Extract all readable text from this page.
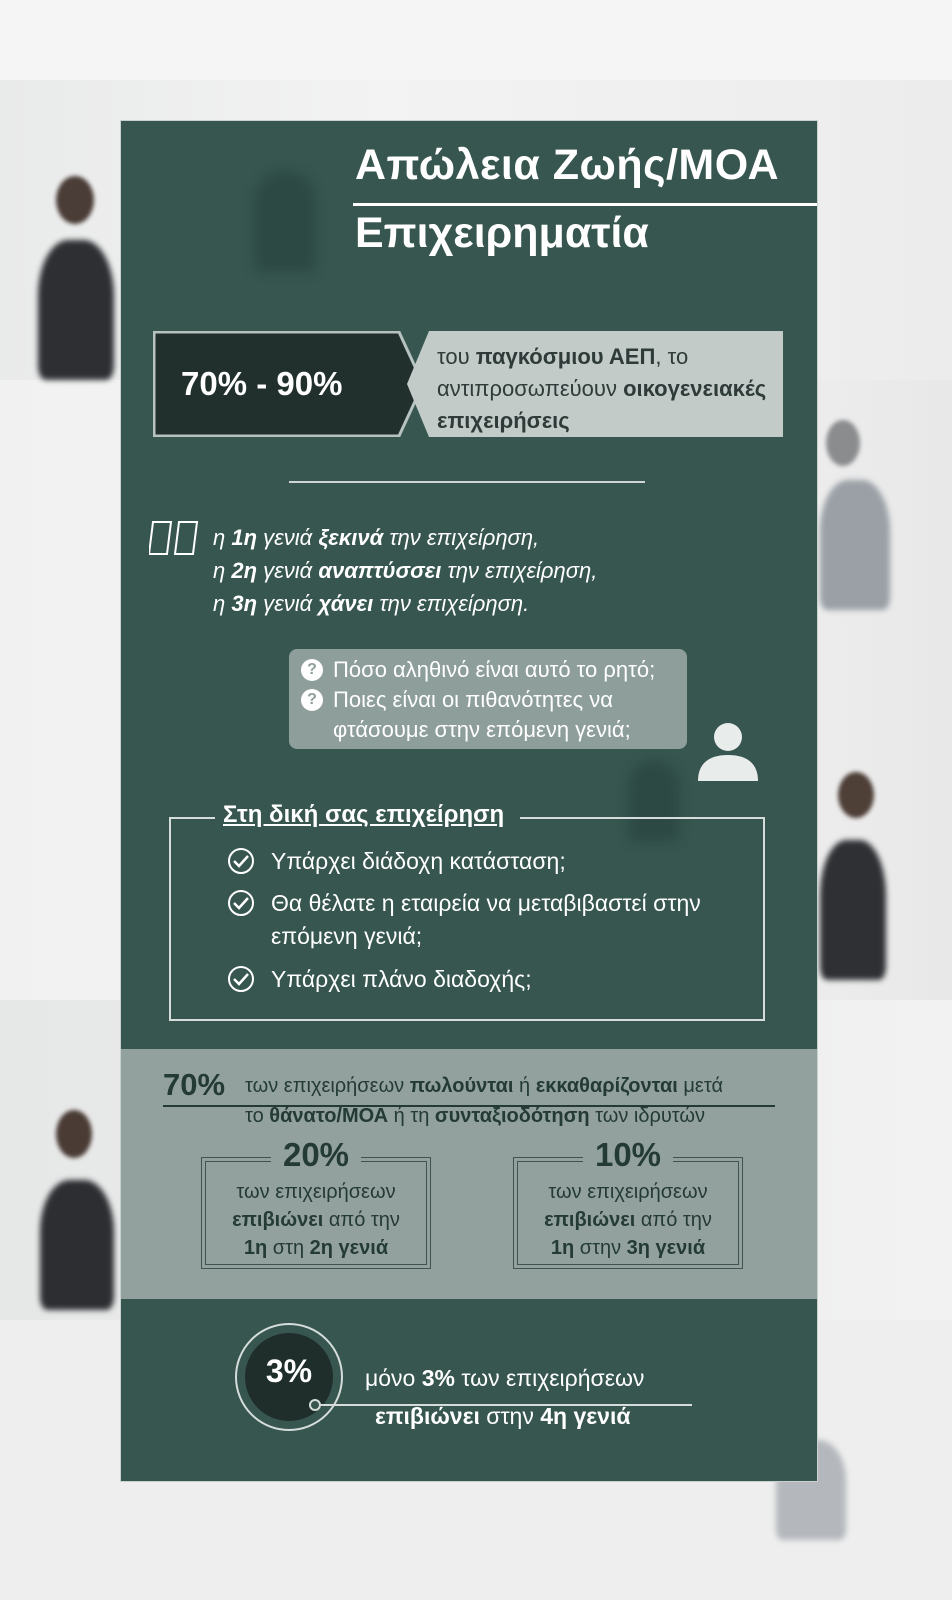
Απώλεια Ζωής/ΜΟΑ
Επιχειρηματία
70% - 90%
του παγκόσμιου ΑΕΠ, το αντιπροσωπεύουν οικογενειακές επιχειρήσεις
η 1η γενιά ξεκινά την επιχείρηση,
η 2η γενιά αναπτύσσει την επιχείρηση,
η 3η γενιά χάνει την επιχείρηση.
? Πόσο αληθινό είναι αυτό το ρητό;
? Ποιες είναι οι πιθανότητες να φτάσουμε στην επόμενη γενιά;
Στη δική σας επιχείρηση
Υπάρχει διάδοχη κατάσταση;
Θα θέλατε η εταιρεία να μεταβιβαστεί στην επόμενη γενιά;
Υπάρχει πλάνο διαδοχής;
70% των επιχειρήσεων πωλούνται ή εκκαθαρίζονται μετά
το θάνατο/ΜΟΑ ή τη συνταξιοδότηση των ιδρυτών
20%
των επιχειρήσεων
επιβιώνει από την
1η στη 2η γενιά
10%
των επιχειρήσεων
επιβιώνει από την
1η στην 3η γενιά
3%	μόνο 3% των επιχειρήσεων
επιβιώνει στην 4η γενιά
